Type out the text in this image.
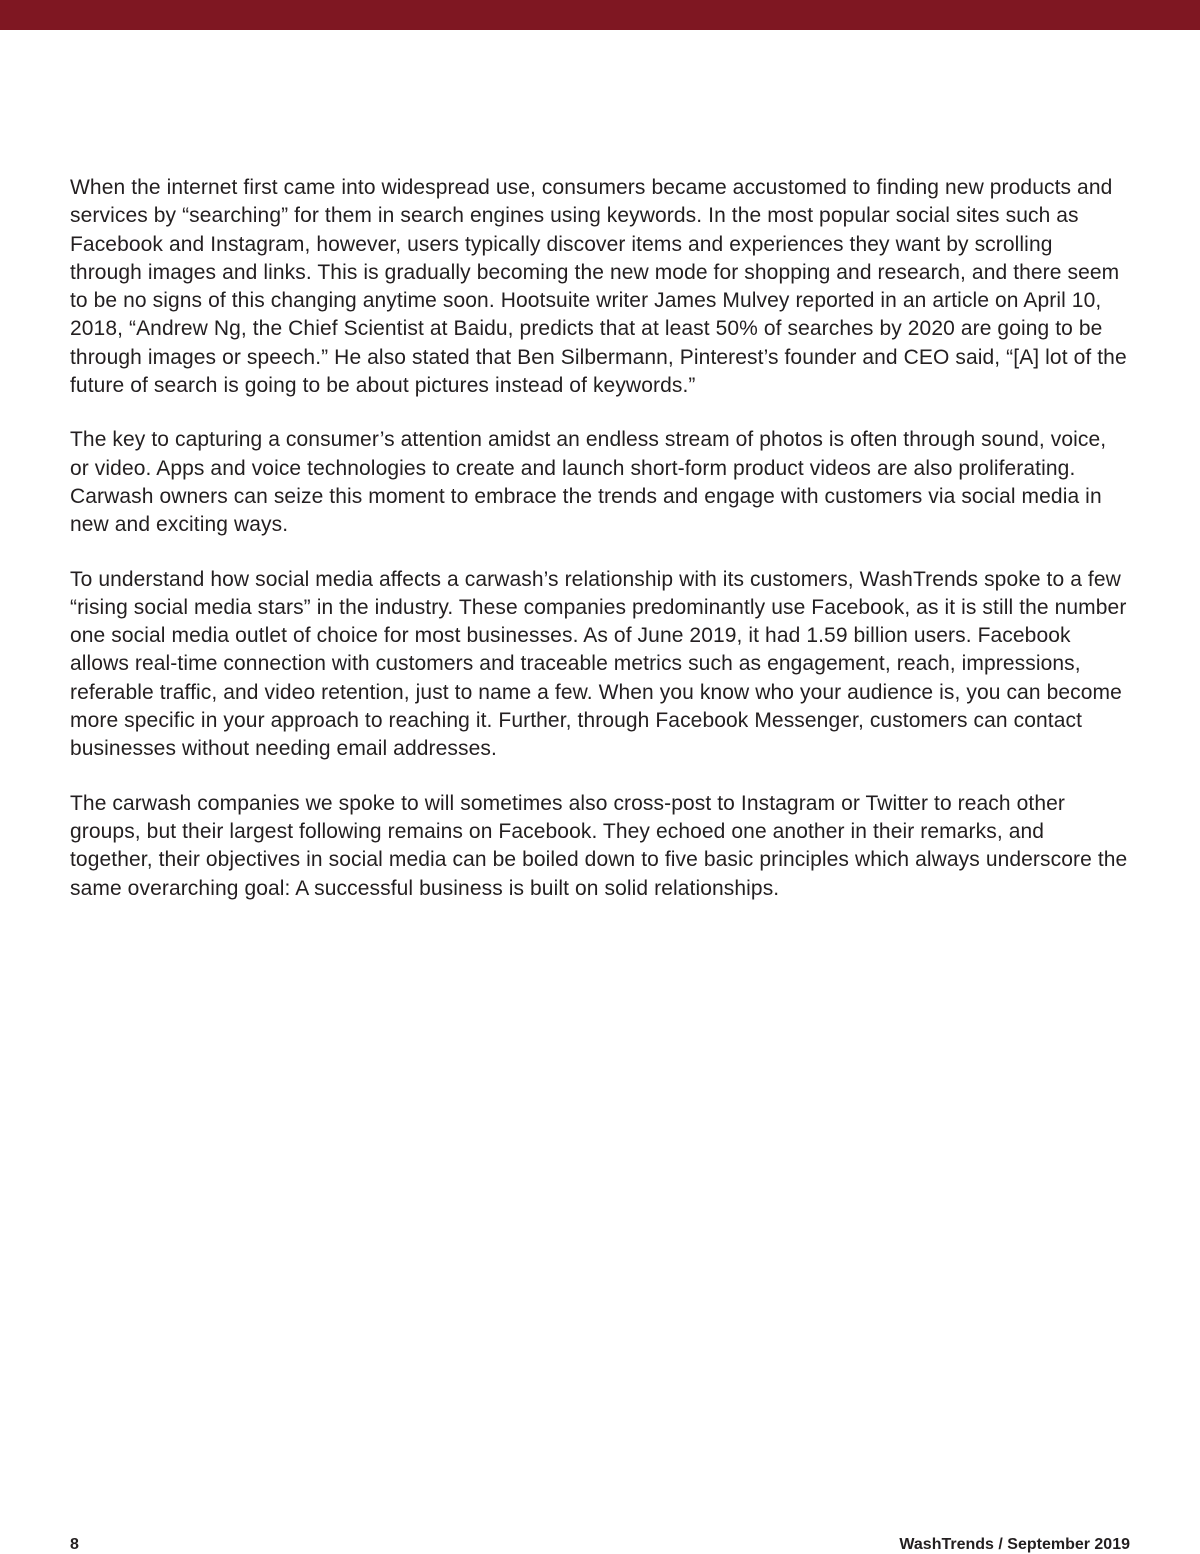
When the internet first came into widespread use, consumers became accustomed to finding new products and services by “searching” for them in search engines using keywords. In the most popular social sites such as Facebook and Instagram, however, users typically discover items and experiences they want by scrolling through images and links. This is gradually becoming the new mode for shopping and research, and there seem to be no signs of this changing anytime soon. Hootsuite writer James Mulvey reported in an article on April 10, 2018, “Andrew Ng, the Chief Scientist at Baidu, predicts that at least 50% of searches by 2020 are going to be through images or speech.” He also stated that Ben Silbermann, Pinterest’s founder and CEO said, “[A] lot of the future of search is going to be about pictures instead of keywords.”

The key to capturing a consumer’s attention amidst an endless stream of photos is often through sound, voice, or video. Apps and voice technologies to create and launch short-form product videos are also proliferating. Carwash owners can seize this moment to embrace the trends and engage with customers via social media in new and exciting ways.

To understand how social media affects a carwash’s relationship with its customers, WashTrends spoke to a few “rising social media stars” in the industry. These companies predominantly use Facebook, as it is still the number one social media outlet of choice for most businesses. As of June 2019, it had 1.59 billion users. Facebook allows real-time connection with customers and traceable metrics such as engagement, reach, impressions, referable traffic, and video retention, just to name a few. When you know who your audience is, you can become more specific in your approach to reaching it. Further, through Facebook Messenger, customers can contact businesses without needing email addresses.

The carwash companies we spoke to will sometimes also cross-post to Instagram or Twitter to reach other groups, but their largest following remains on Facebook. They echoed one another in their remarks, and together, their objectives in social media can be boiled down to five basic principles which always underscore the same overarching goal: A successful business is built on solid relationships.

8	WashTrends / September 2019
